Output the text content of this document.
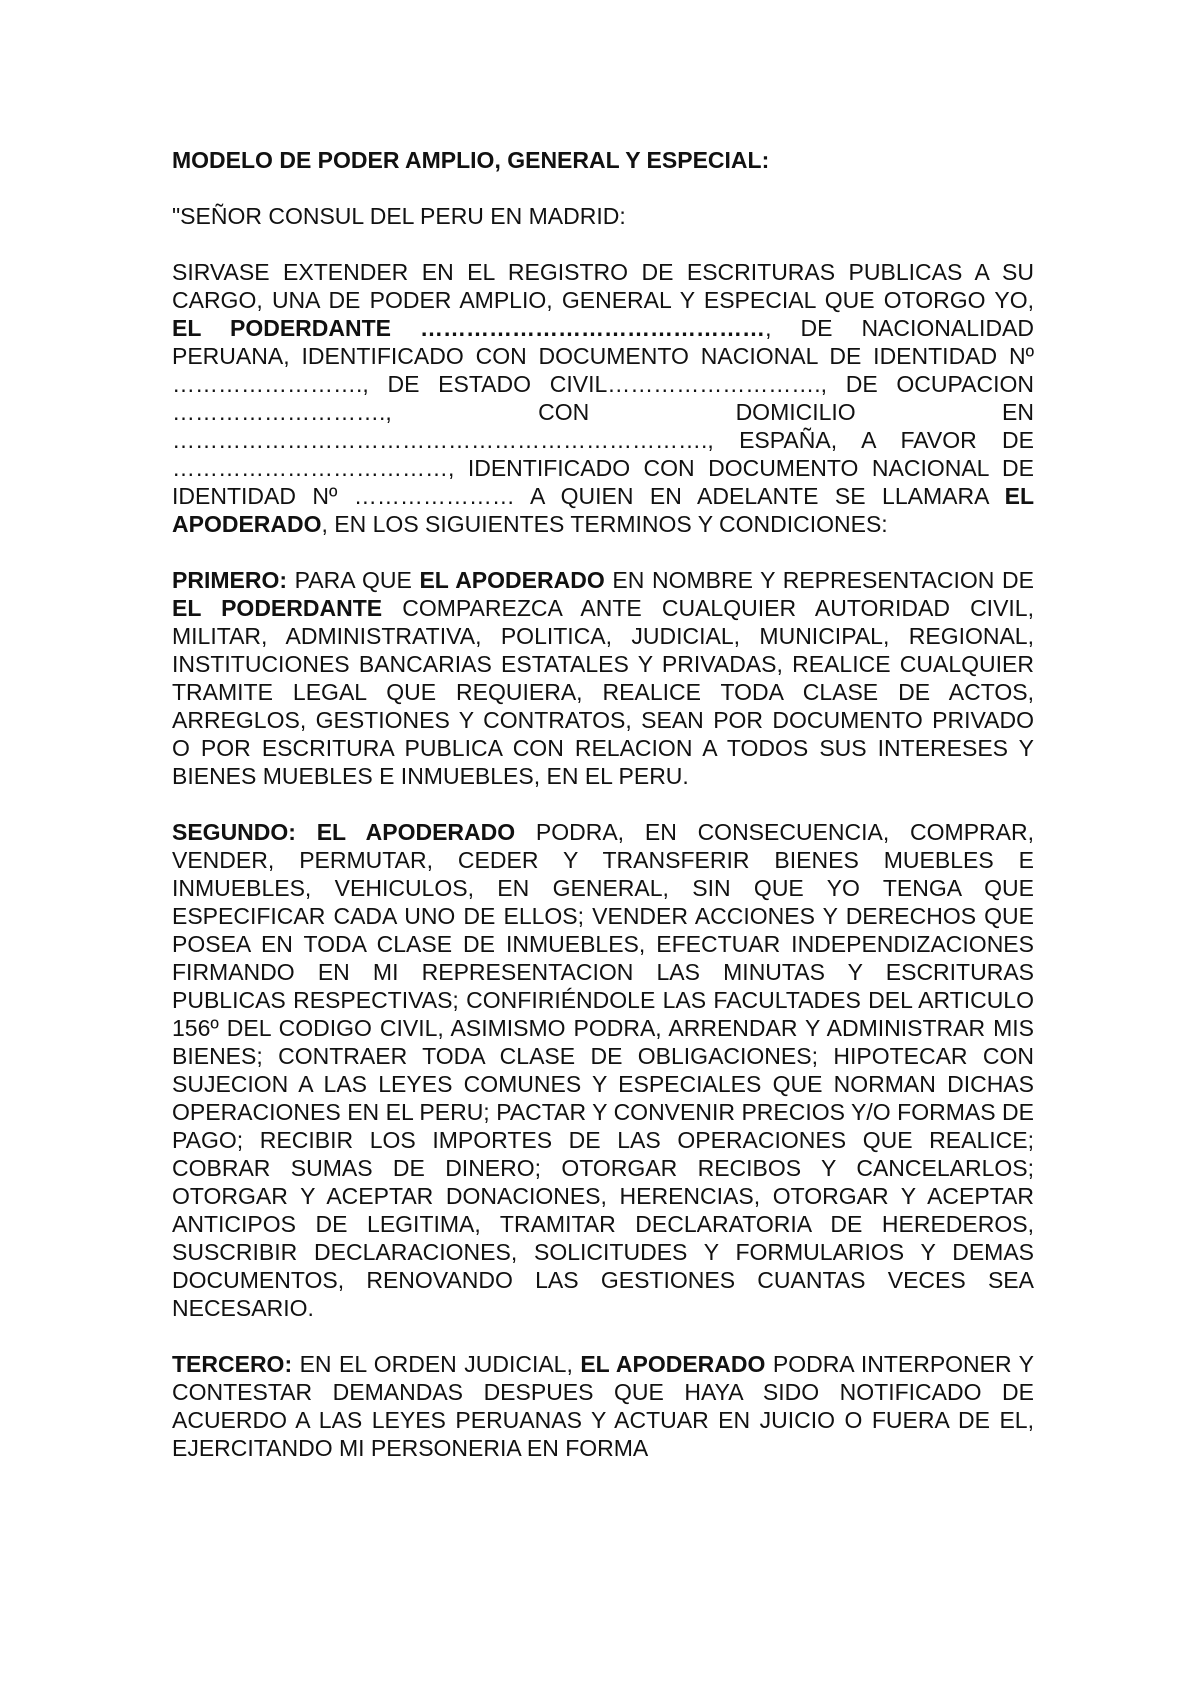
MODELO DE PODER AMPLIO, GENERAL Y ESPECIAL:
"SEÑOR CONSUL DEL PERU EN MADRID:

SIRVASE EXTENDER EN EL REGISTRO DE ESCRITURAS PUBLICAS A SU CARGO, UNA DE PODER AMPLIO, GENERAL Y ESPECIAL QUE OTORGO YO, EL PODERDANTE ………………………………………, DE NACIONALIDAD PERUANA, IDENTIFICADO CON DOCUMENTO NACIONAL DE IDENTIDAD Nº ……………………., DE ESTADO CIVIL………………………., DE OCUPACION ………………………., CON DOMICILIO EN ……………………………………………………………., ESPAÑA, A FAVOR DE ………………………………, IDENTIFICADO CON DOCUMENTO NACIONAL DE IDENTIDAD Nº ………………… A QUIEN EN ADELANTE SE LLAMARA EL APODERADO, EN LOS SIGUIENTES TERMINOS Y CONDICIONES:

PRIMERO: PARA QUE EL APODERADO EN NOMBRE Y REPRESENTACION DE EL PODERDANTE COMPAREZCA ANTE CUALQUIER AUTORIDAD CIVIL, MILITAR, ADMINISTRATIVA, POLITICA, JUDICIAL, MUNICIPAL, REGIONAL, INSTITUCIONES BANCARIAS ESTATALES Y PRIVADAS, REALICE CUALQUIER TRAMITE LEGAL QUE REQUIERA, REALICE TODA CLASE DE ACTOS, ARREGLOS, GESTIONES Y CONTRATOS, SEAN POR DOCUMENTO PRIVADO O POR ESCRITURA PUBLICA CON RELACION A TODOS SUS INTERESES Y BIENES MUEBLES E INMUEBLES, EN EL PERU.

SEGUNDO: EL APODERADO PODRA, EN CONSECUENCIA, COMPRAR, VENDER, PERMUTAR, CEDER Y TRANSFERIR BIENES MUEBLES E INMUEBLES, VEHICULOS, EN GENERAL, SIN QUE YO TENGA QUE ESPECIFICAR CADA UNO DE ELLOS; VENDER ACCIONES Y DERECHOS QUE POSEA EN TODA CLASE DE INMUEBLES, EFECTUAR INDEPENDIZACIONES FIRMANDO EN MI REPRESENTACION LAS MINUTAS Y ESCRITURAS PUBLICAS RESPECTIVAS; CONFIRIÉNDOLE LAS FACULTADES DEL ARTICULO 156º DEL CODIGO CIVIL, ASIMISMO PODRA, ARRENDAR Y ADMINISTRAR MIS BIENES; CONTRAER TODA CLASE DE OBLIGACIONES; HIPOTECAR CON SUJECION A LAS LEYES COMUNES Y ESPECIALES QUE NORMAN DICHAS OPERACIONES EN EL PERU; PACTAR Y CONVENIR PRECIOS Y/O FORMAS DE PAGO; RECIBIR LOS IMPORTES DE LAS OPERACIONES QUE REALICE; COBRAR SUMAS DE DINERO; OTORGAR RECIBOS Y CANCELARLOS; OTORGAR Y ACEPTAR DONACIONES, HERENCIAS, OTORGAR Y ACEPTAR ANTICIPOS DE LEGITIMA, TRAMITAR DECLARATORIA DE HEREDEROS, SUSCRIBIR DECLARACIONES, SOLICITUDES Y FORMULARIOS Y DEMAS DOCUMENTOS, RENOVANDO LAS GESTIONES CUANTAS VECES SEA NECESARIO.

TERCERO: EN EL ORDEN JUDICIAL, EL APODERADO PODRA INTERPONER Y CONTESTAR DEMANDAS DESPUES QUE HAYA SIDO NOTIFICADO DE ACUERDO A LAS LEYES PERUANAS Y ACTUAR EN JUICIO O FUERA DE EL, EJERCITANDO MI PERSONERIA EN FORMA
